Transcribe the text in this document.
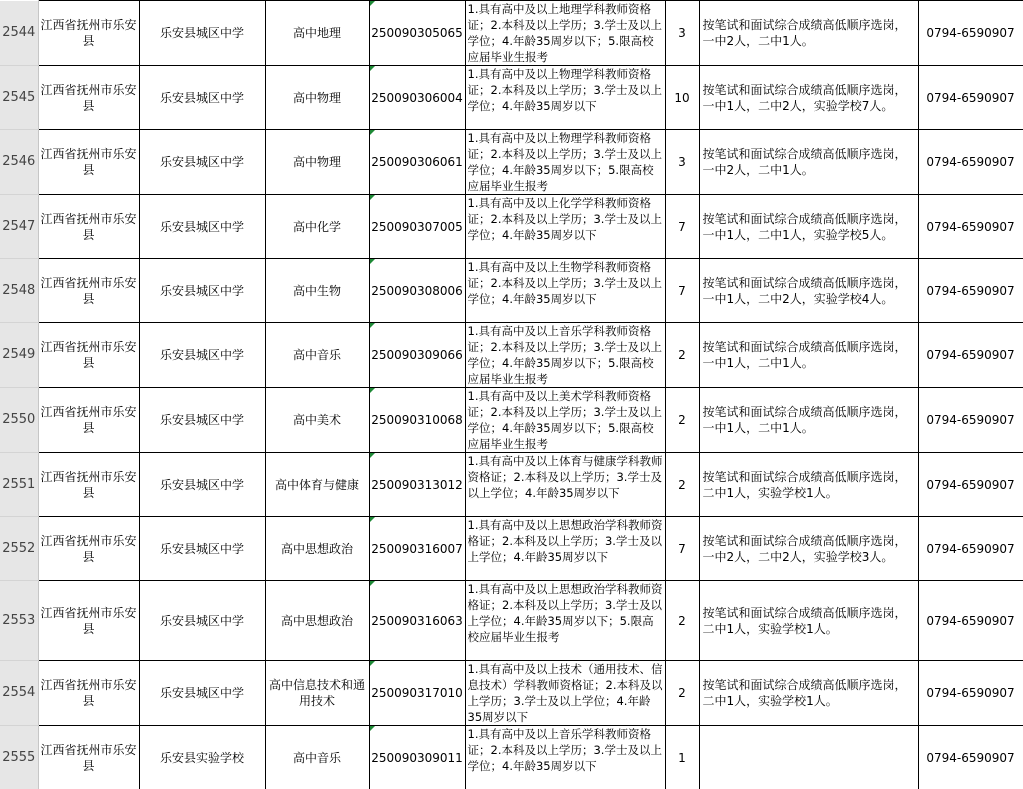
2544	江西省抚州市乐安县	乐安县城区中学	高中地理	250090305065	1.具有高中及以上地理学科教师资格证；2.本科及以上学历；3.学士及以上学位；4.年龄35周岁以下；5.限高校应届毕业生报考	3	按笔试和面试综合成绩高低顺序选岗，一中2人，二中1人。	0794-6590907
2545	江西省抚州市乐安县	乐安县城区中学	高中物理	250090306004	1.具有高中及以上物理学科教师资格证；2.本科及以上学历；3.学士及以上学位；4.年龄35周岁以下	10	按笔试和面试综合成绩高低顺序选岗，一中1人，二中2人，实验学校7人。	0794-6590907
2546	江西省抚州市乐安县	乐安县城区中学	高中物理	250090306061	1.具有高中及以上物理学科教师资格证；2.本科及以上学历；3.学士及以上学位；4.年龄35周岁以下；5.限高校应届毕业生报考	3	按笔试和面试综合成绩高低顺序选岗，一中2人，二中1人。	0794-6590907
2547	江西省抚州市乐安县	乐安县城区中学	高中化学	250090307005	1.具有高中及以上化学学科教师资格证；2.本科及以上学历；3.学士及以上学位；4.年龄35周岁以下	7	按笔试和面试综合成绩高低顺序选岗，一中1人，二中1人，实验学校5人。	0794-6590907
2548	江西省抚州市乐安县	乐安县城区中学	高中生物	250090308006	1.具有高中及以上生物学科教师资格证；2.本科及以上学历；3.学士及以上学位；4.年龄35周岁以下	7	按笔试和面试综合成绩高低顺序选岗，一中1人，二中2人，实验学校4人。	0794-6590907
2549	江西省抚州市乐安县	乐安县城区中学	高中音乐	250090309066	1.具有高中及以上音乐学科教师资格证；2.本科及以上学历；3.学士及以上学位；4.年龄35周岁以下；5.限高校应届毕业生报考	2	按笔试和面试综合成绩高低顺序选岗，一中1人，二中1人。	0794-6590907
2550	江西省抚州市乐安县	乐安县城区中学	高中美术	250090310068	1.具有高中及以上美术学科教师资格证；2.本科及以上学历；3.学士及以上学位；4.年龄35周岁以下；5.限高校应届毕业生报考	2	按笔试和面试综合成绩高低顺序选岗，一中1人，二中1人。	0794-6590907
2551	江西省抚州市乐安县	乐安县城区中学	高中体育与健康	250090313012	1.具有高中及以上体育与健康学科教师资格证；2.本科及以上学历；3.学士及以上学位；4.年龄35周岁以下	2	按笔试和面试综合成绩高低顺序选岗，二中1人，实验学校1人。	0794-6590907
2552	江西省抚州市乐安县	乐安县城区中学	高中思想政治	250090316007	1.具有高中及以上思想政治学科教师资格证；2.本科及以上学历；3.学士及以上学位；4.年龄35周岁以下	7	按笔试和面试综合成绩高低顺序选岗，一中2人，二中2人，实验学校3人。	0794-6590907
2553	江西省抚州市乐安县	乐安县城区中学	高中思想政治	250090316063	1.具有高中及以上思想政治学科教师资格证；2.本科及以上学历；3.学士及以上学位；4.年龄35周岁以下；5.限高校应届毕业生报考	2	按笔试和面试综合成绩高低顺序选岗，二中1人，实验学校1人。	0794-6590907
2554	江西省抚州市乐安县	乐安县城区中学	高中信息技术和通用技术	250090317010	1.具有高中及以上技术（通用技术、信息技术）学科教师资格证；2.本科及以上学历；3.学士及以上学位；4.年龄35周岁以下	2	按笔试和面试综合成绩高低顺序选岗，二中1人，实验学校1人。	0794-6590907
2555	江西省抚州市乐安县	乐安县实验学校	高中音乐	250090309011	1.具有高中及以上音乐学科教师资格证；2.本科及以上学历；3.学士及以上学位；4.年龄35周岁以下	1		0794-6590907
